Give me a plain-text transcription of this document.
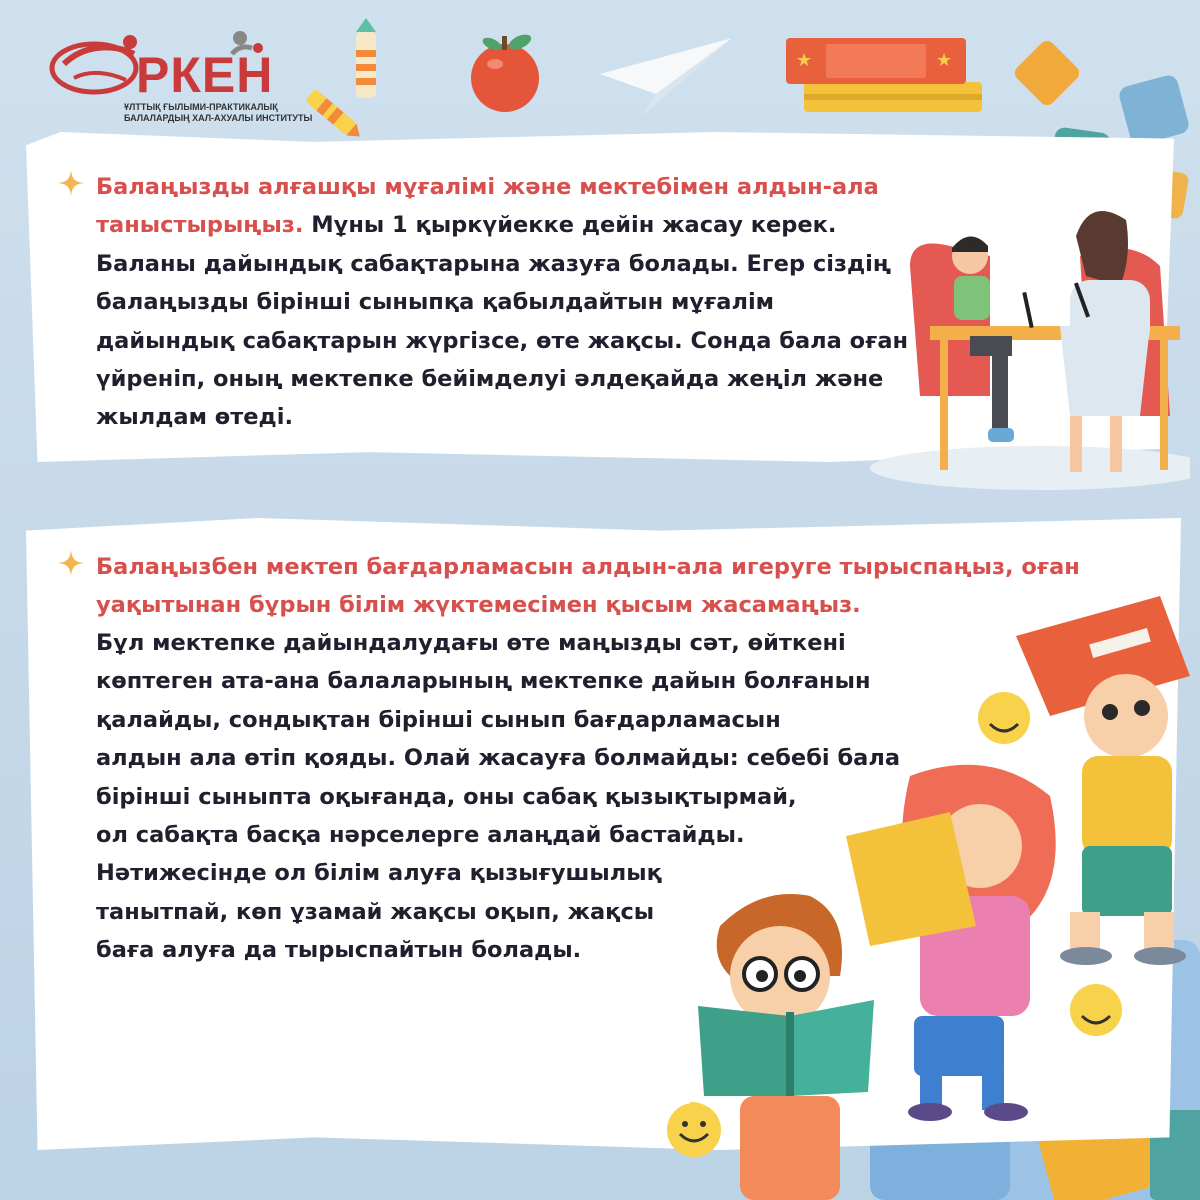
РКЕН
ҰЛТТЫҚ ҒЫЛЫМИ-ПРАКТИКАЛЫҚ
БАЛАЛАРДЫҢ ХАЛ-АХУАЛЫ ИНСТИТУТЫ
★	★

Балаңызды алғашқы мұғалімі және мектебімен алдын-ала таныстырыңыз. Мұны 1 қыркүйекке дейін жасау керек. Баланы дайындық сабақтарына жазуға болады. Егер сіздің балаңызды бірінші сыныпқа қабылдайтын мұғалім дайындық сабақтарын жүргізсе, өте жақсы. Сонда бала оған үйреніп, оның мектепке бейімделуі әлдеқайда жеңіл және жылдам өтеді.

Балаңызбен мектеп бағдарламасын алдын-ала игеруге тырыспаңыз, оған уақытынан бұрын білім жүктемесімен қысым жасамаңыз.

Бұл мектепке дайындалудағы өте маңызды сәт, өйткені
көптеген ата-ана балаларының мектепке дайын болғанын
қалайды, сондықтан бірінші сынып бағдарламасын
алдын ала өтіп қояды. Олай жасауға болмайды: себебі бала
бірінші сыныпта оқығанда, оны сабақ қызықтырмай,
ол сабақта басқа нәрселерге алаңдай бастайды.
Нәтижесінде ол білім алуға қызығушылық
танытпай, көп ұзамай жақсы оқып, жақсы
баға алуға да тырыспайтын болады.
